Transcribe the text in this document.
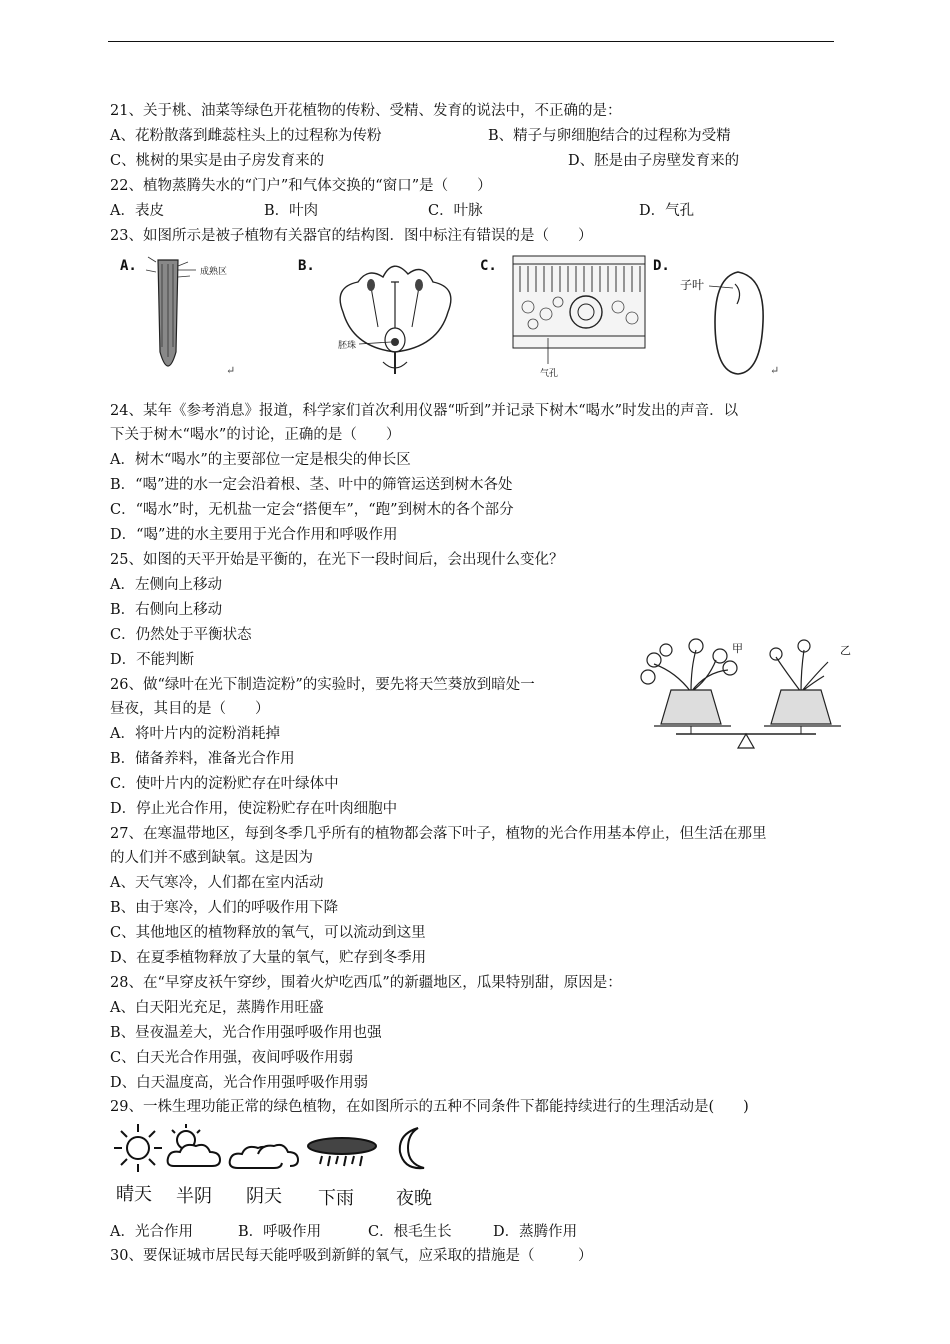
21、关于桃、油菜等绿色开花植物的传粉、受精、发育的说法中，不正确的是：
A、花粉散落到雌蕊柱头上的过程称为传粉	B、精子与卵细胞结合的过程称为受精
C、桃树的果实是由子房发育来的	D、胚是由子房壁发育来的
22、植物蒸腾失水的“门户”和气体交换的“窗口”是（　　）
A．表皮	B．叶肉	C．叶脉	D．气孔
23、如图所示是被子植物有关器官的结构图．图中标注有错误的是（　　）
A.	成熟区
↵
B.
胚珠
C.
气孔
D.
子叶
↵
24、某年《参考消息》报道，科学家们首次利用仪器“听到”并记录下树木“喝水”时发出的声音．以
下关于树木“喝水”的讨论，正确的是（　　）
A．树木“喝水”的主要部位一定是根尖的伸长区
B．“喝”进的水一定会沿着根、茎、叶中的筛管运送到树木各处
C．“喝水”时，无机盐一定会“搭便车”，“跑”到树木的各个部分
D．“喝”进的水主要用于光合作用和呼吸作用
25、如图的天平开始是平衡的，在光下一段时间后，会出现什么变化？
A．左侧向上移动
B．右侧向上移动
C．仍然处于平衡状态
D．不能判断
甲	乙
26、做“绿叶在光下制造淀粉”的实验时，要先将天竺葵放到暗处一
昼夜，其目的是（　　）
A．将叶片内的淀粉消耗掉
B．储备养料，准备光合作用
C．使叶片内的淀粉贮存在叶绿体中
D．停止光合作用，使淀粉贮存在叶肉细胞中
27、在寒温带地区，每到冬季几乎所有的植物都会落下叶子，植物的光合作用基本停止，但生活在那里
的人们并不感到缺氧。这是因为
A、天气寒冷，人们都在室内活动
B、由于寒冷，人们的呼吸作用下降
C、其他地区的植物释放的氧气，可以流动到这里
D、在夏季植物释放了大量的氧气，贮存到冬季用
28、在“早穿皮袄午穿纱，围着火炉吃西瓜”的新疆地区，瓜果特别甜，原因是：
A、白天阳光充足，蒸腾作用旺盛
B、昼夜温差大，光合作用强呼吸作用也强
C、白天光合作用强，夜间呼吸作用弱
D、白天温度高，光合作用强呼吸作用弱
29、一株生理功能正常的绿色植物，在如图所示的五种不同条件下都能持续进行的生理活动是(　　)
晴天 半阴 阴天 下雨 夜晚
A．光合作用	B．呼吸作用	C．根毛生长	D．蒸腾作用
30、要保证城市居民每天能呼吸到新鲜的氧气，应采取的措施是（　　　）
